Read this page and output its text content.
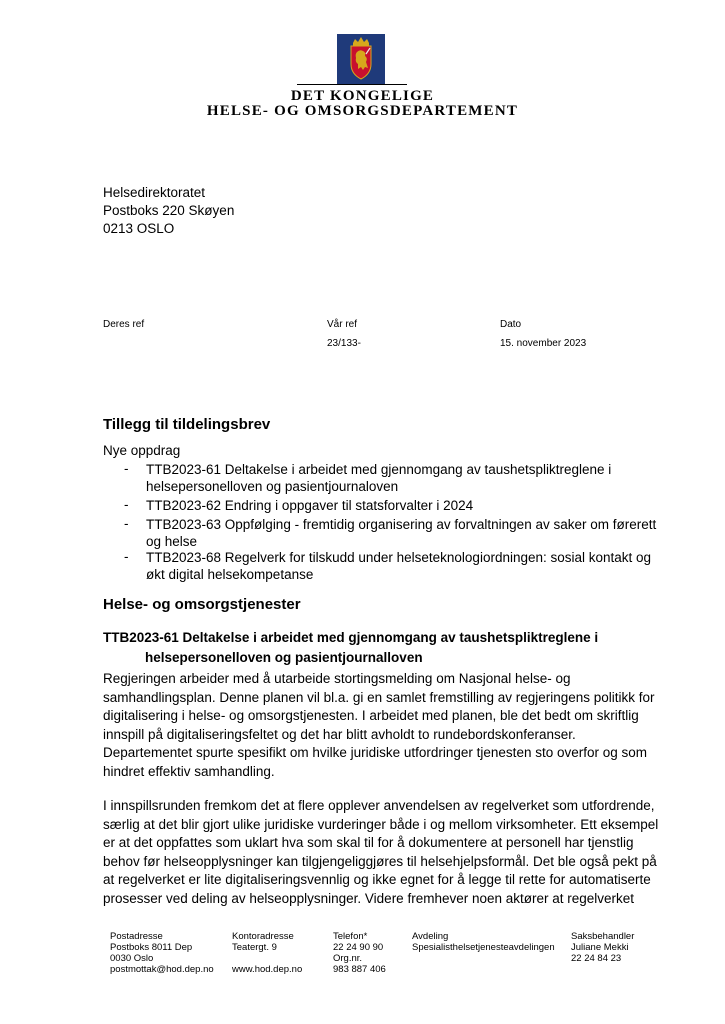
DET KONGELIGE
HELSE- OG OMSORGSDEPARTEMENT
Helsedirektoratet
Postboks 220 Skøyen
0213 OSLO
Deres ref	Vår ref
23/133-
Dato
15. november 2023
Tillegg til tildelingsbrev
Nye oppdrag
- TTB2023-61 Deltakelse i arbeidet med gjennomgang av taushetspliktreglene i helsepersonelloven og pasientjournaloven
- TTB2023-62 Endring i oppgaver til statsforvalter i 2024
- TTB2023-63 Oppfølging - fremtidig organisering av forvaltningen av saker om førerett og helse
- TTB2023-68 Regelverk for tilskudd under helseteknologiordningen: sosial kontakt og økt digital helsekompetanse
Helse- og omsorgstjenester
TTB2023-61 Deltakelse i arbeidet med gjennomgang av taushetspliktreglene i
helsepersonelloven og pasientjournalloven
Regjeringen arbeider med å utarbeide stortingsmelding om Nasjonal helse- og
samhandlingsplan. Denne planen vil bl.a. gi en samlet fremstilling av regjeringens politikk for
digitalisering i helse- og omsorgstjenesten. I arbeidet med planen, ble det bedt om skriftlig
innspill på digitaliseringsfeltet og det har blitt avholdt to rundebordskonferanser.
Departementet spurte spesifikt om hvilke juridiske utfordringer tjenesten sto overfor og som
hindret effektiv samhandling.
I innspillsrunden fremkom det at flere opplever anvendelsen av regelverket som utfordrende,
særlig at det blir gjort ulike juridiske vurderinger både i og mellom virksomheter. Ett eksempel
er at det oppfattes som uklart hva som skal til for å dokumentere at personell har tjenstlig
behov før helseopplysninger kan tilgjengeliggjøres til helsehjelpsformål. Det ble også pekt på
at regelverket er lite digitaliseringsvennlig og ikke egnet for å legge til rette for automatiserte
prosesser ved deling av helseopplysninger. Videre fremhever noen aktører at regelverket
Postadresse
Postboks 8011 Dep
0030 Oslo
postmottak@hod.dep.no
Kontoradresse
Teatergt. 9
www.hod.dep.no
Telefon*
22 24 90 90
Org.nr.
983 887 406
Avdeling
Spesialisthelsetjenesteavdelingen
Saksbehandler
Juliane Mekki
22 24 84 23
